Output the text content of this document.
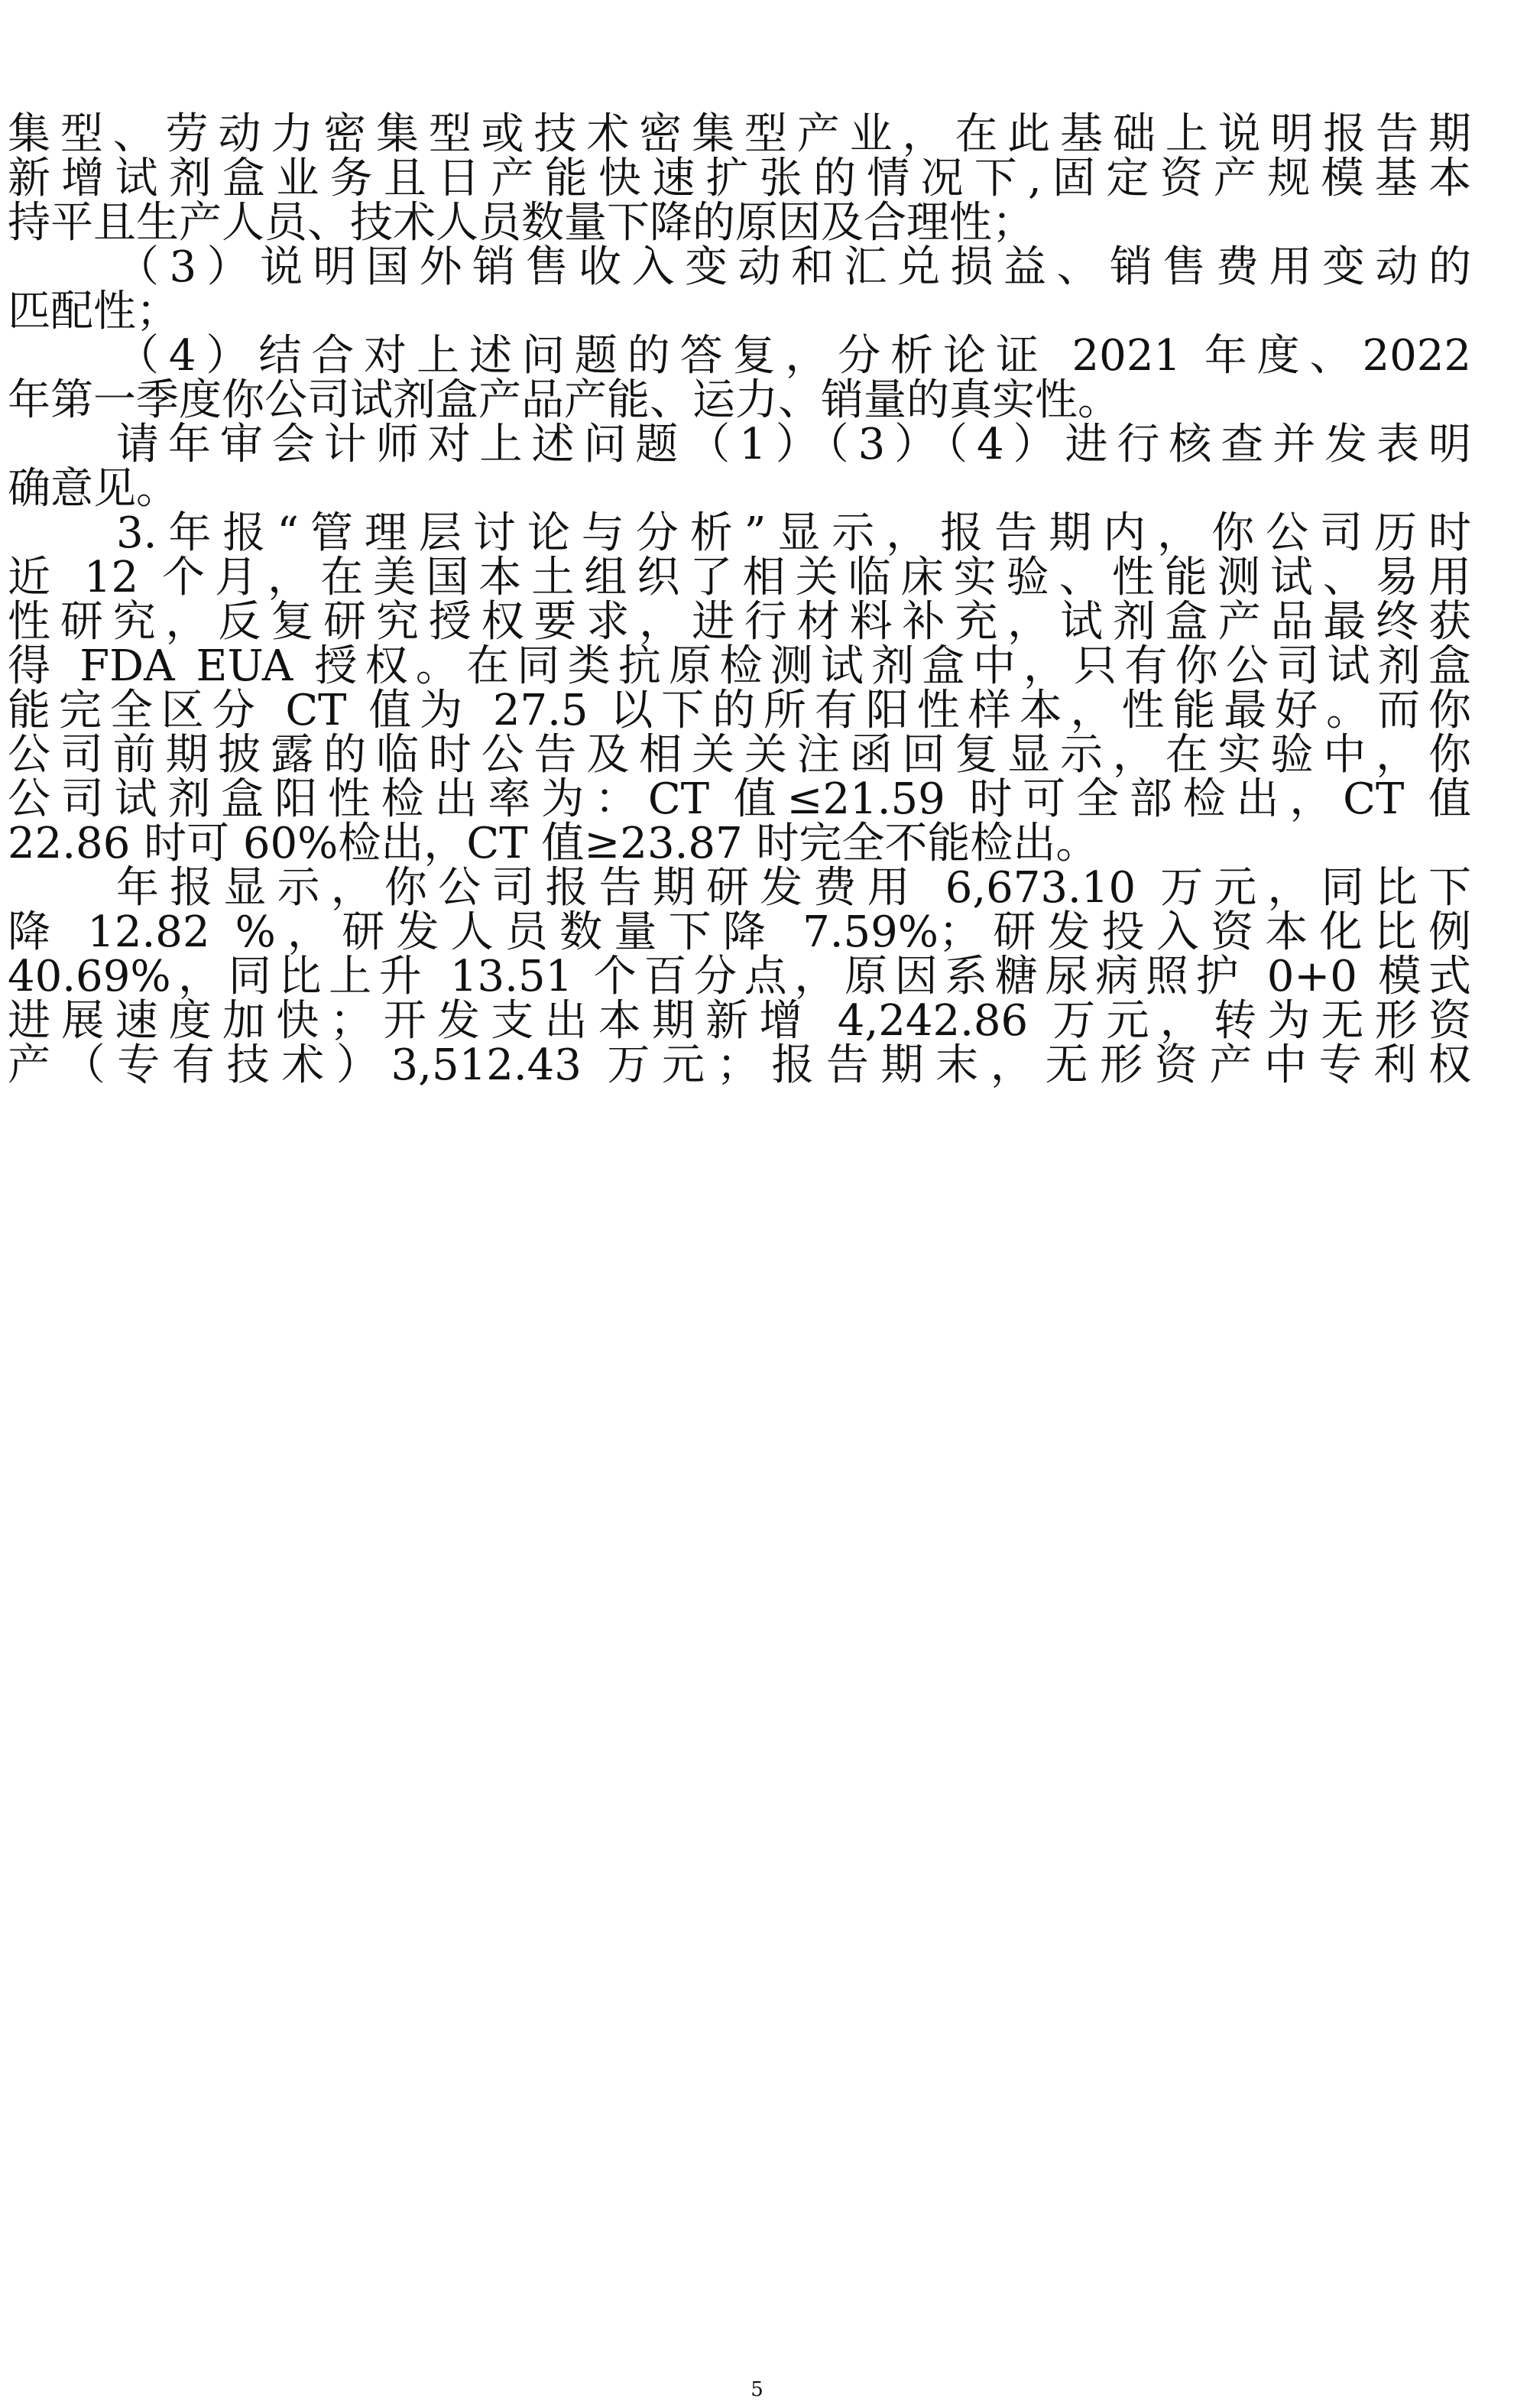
集型、劳动力密集型或技术密集型产业，在此基础上说明报告期
新增试剂盒业务且日产能快速扩张的情况下,固定资产规模基本
持平且生产人员、技术人员数量下降的原因及合理性；
（3）说明国外销售收入变动和汇兑损益、销售费用变动的
匹配性；
（4）结合对上述问题的答复，分析论证 2021 年度、2022
年第一季度你公司试剂盒产品产能、运力、销量的真实性。
请年审会计师对上述问题（1）（3）（4）进行核查并发表明
确意见。
3.年报“管理层讨论与分析”显示，报告期内，你公司历时
近 12 个月，在美国本土组织了相关临床实验、性能测试、易用
性研究，反复研究授权要求，进行材料补充，试剂盒产品最终获
得 FDA EUA 授权。在同类抗原检测试剂盒中，只有你公司试剂盒
能完全区分 CT 值为 27.5 以下的所有阳性样本，性能最好。而你
公司前期披露的临时公告及相关关注函回复显示，在实验中，你
公司试剂盒阳性检出率为：CT 值≤21.59 时可全部检出，CT 值
22.86 时可 60%检出，CT 值≥23.87 时完全不能检出。
年报显示，你公司报告期研发费用 6,673.10 万元，同比下
降 12.82 %，研发人员数量下降 7.59%；研发投入资本化比例
40.69%，同比上升 13.51 个百分点，原因系糖尿病照护 0+0 模式
进展速度加快；开发支出本期新增 4,242.86 万元，转为无形资
产（专有技术）3,512.43 万元；报告期末，无形资产中专利权
5
